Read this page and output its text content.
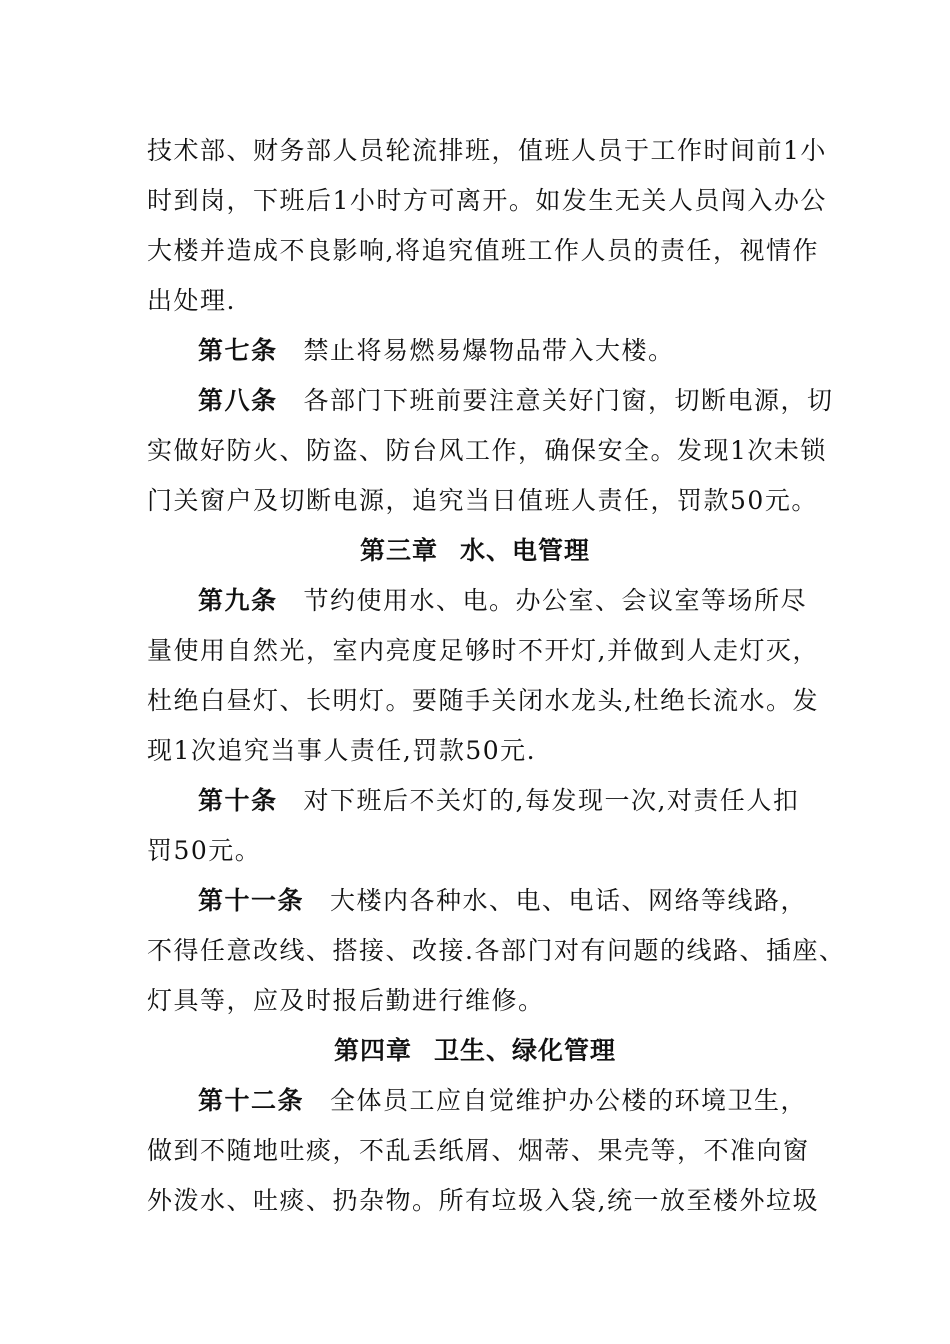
技术部、财务部人员轮流排班，值班人员于工作时间前1小
时到岗，下班后1小时方可离开。如发生无关人员闯入办公
大楼并造成不良影响,将追究值班工作人员的责任，视情作
出处理.
第七条 禁止将易燃易爆物品带入大楼。
第八条 各部门下班前要注意关好门窗，切断电源，切
实做好防火、防盗、防台风工作，确保安全。发现1次未锁
门关窗户及切断电源，追究当日值班人责任，罚款50元。
第三章 水、电管理
第九条 节约使用水、电。办公室、会议室等场所尽
量使用自然光，室内亮度足够时不开灯,并做到人走灯灭，
杜绝白昼灯、长明灯。要随手关闭水龙头,杜绝长流水。发
现1次追究当事人责任,罚款50元.
第十条 对下班后不关灯的,每发现一次,对责任人扣
罚50元。
第十一条 大楼内各种水、电、电话、网络等线路，
不得任意改线、搭接、改接.各部门对有问题的线路、插座、
灯具等，应及时报后勤进行维修。
第四章 卫生、绿化管理
第十二条 全体员工应自觉维护办公楼的环境卫生，
做到不随地吐痰，不乱丢纸屑、烟蒂、果壳等，不准向窗
外泼水、吐痰、扔杂物。所有垃圾入袋,统一放至楼外垃圾
